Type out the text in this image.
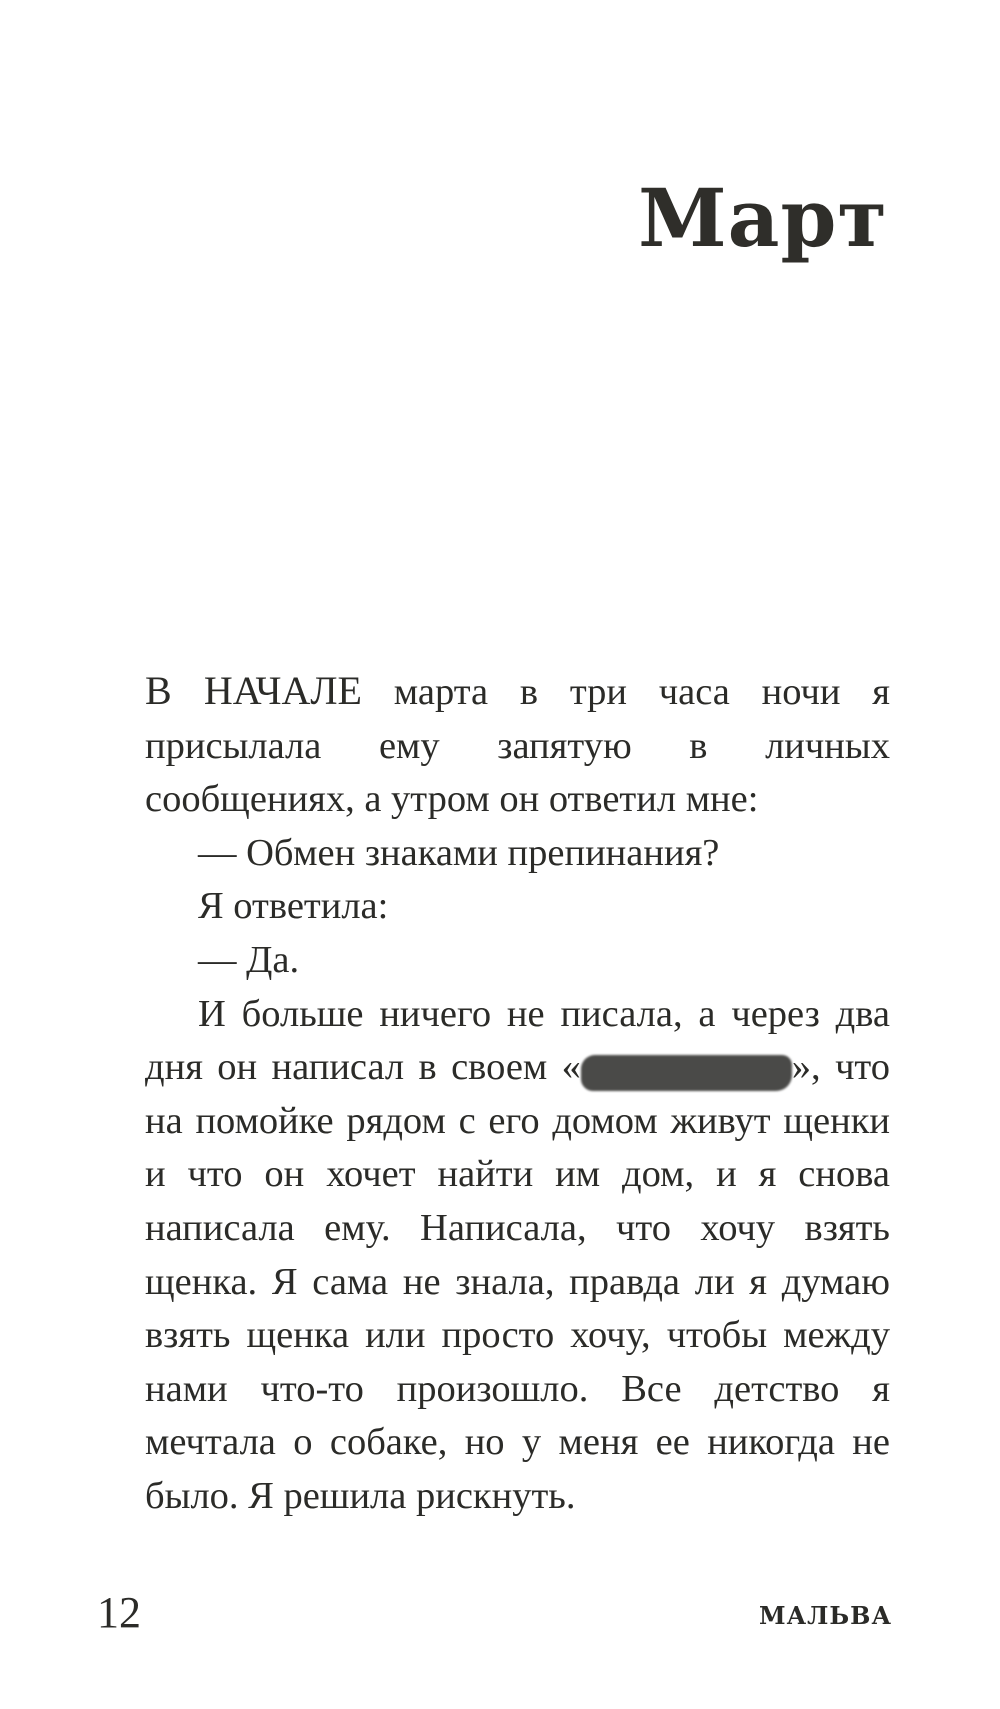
Март

В НАЧАЛЕ марта в три часа ночи я присылала ему запятую в личных сообщениях, а утром он ответил мне:

— Обмен знаками препинания?

Я ответила:

— Да.

И больше ничего не писала, а через два дня он написал в своем «	», что на помойке рядом с его домом живут щенки и что он хочет найти им дом, и я снова написала ему. Написала, что хочу взять щенка. Я сама не знала, правда ли я думаю взять щенка или просто хочу, чтобы между нами что-то произошло. Все детство я мечтала о собаке, но у меня ее никогда не было. Я решила рискнуть.

12	МАЛЬВА
